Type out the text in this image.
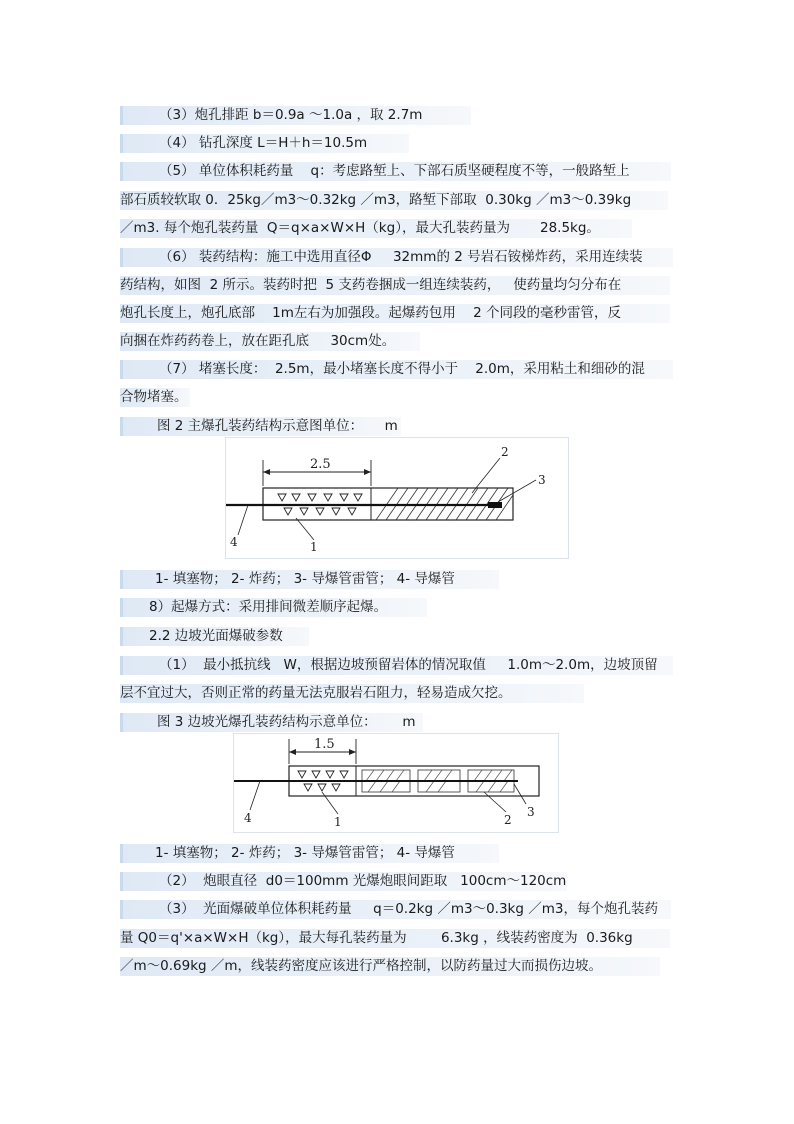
（3）炮孔排距 b＝0.9a ～1.0a ，取 2.7m
（4） 钻孔深度 L＝H＋h＝10.5m
（5） 单位体积耗药量    q：考虑路堑上、下部石质坚硬程度不等，一般路堑上
部石质较软取 0．25kg／m3～0.32kg ／m3，路堑下部取  0.30kg ／m3～0.39kg
／m3. 每个炮孔装药量  Q＝q×a×W×H（kg），最大孔装药量为       28.5kg。
（6） 装药结构：施工中选用直径Φ     32mm的 2 号岩石铵梯炸药，采用连续装
药结构，如图  2 所示。装药时把  5 支药卷捆成一组连续装药，   使药量均匀分布在
炮孔长度上，炮孔底部    1m左右为加强段。起爆药包用    2 个同段的毫秒雷管，反
向捆在炸药药卷上，放在距孔底     30cm处。
（7） 堵塞长度：  2.5m，最小堵塞长度不得小于    2.0m，采用粘土和细砂的混
合物堵塞。
图 2 主爆孔装药结构示意图单位：     m
2.5
1
2
3
4
1- 填塞物； 2- 炸药； 3- 导爆管雷管； 4- 导爆管
8）起爆方式：采用排间微差顺序起爆。
2.2 边坡光面爆破参数
（1）  最小抵抗线   W，根据边坡预留岩体的情况取值     1.0m～2.0m，边坡顶留
层不宜过大，否则正常的药量无法克服岩石阻力，轻易造成欠挖。
图 3 边坡光爆孔装药结构示意单位：      m
1.5
1	2
3
4
1- 填塞物； 2- 炸药； 3- 导爆管雷管； 4- 导爆管
（2）  炮眼直径  d0＝100mm 光爆炮眼间距取   100cm～120cm
（3）  光面爆破单位体积耗药量     q＝0.2kg ／m3～0.3kg ／m3，每个炮孔装药
量 Q0＝q'×a×W×H（kg），最大每孔装药量为        6.3kg ，线装药密度为  0.36kg
／m～0.69kg ／m，线装药密度应该进行严格控制，以防药量过大而损伤边坡。
